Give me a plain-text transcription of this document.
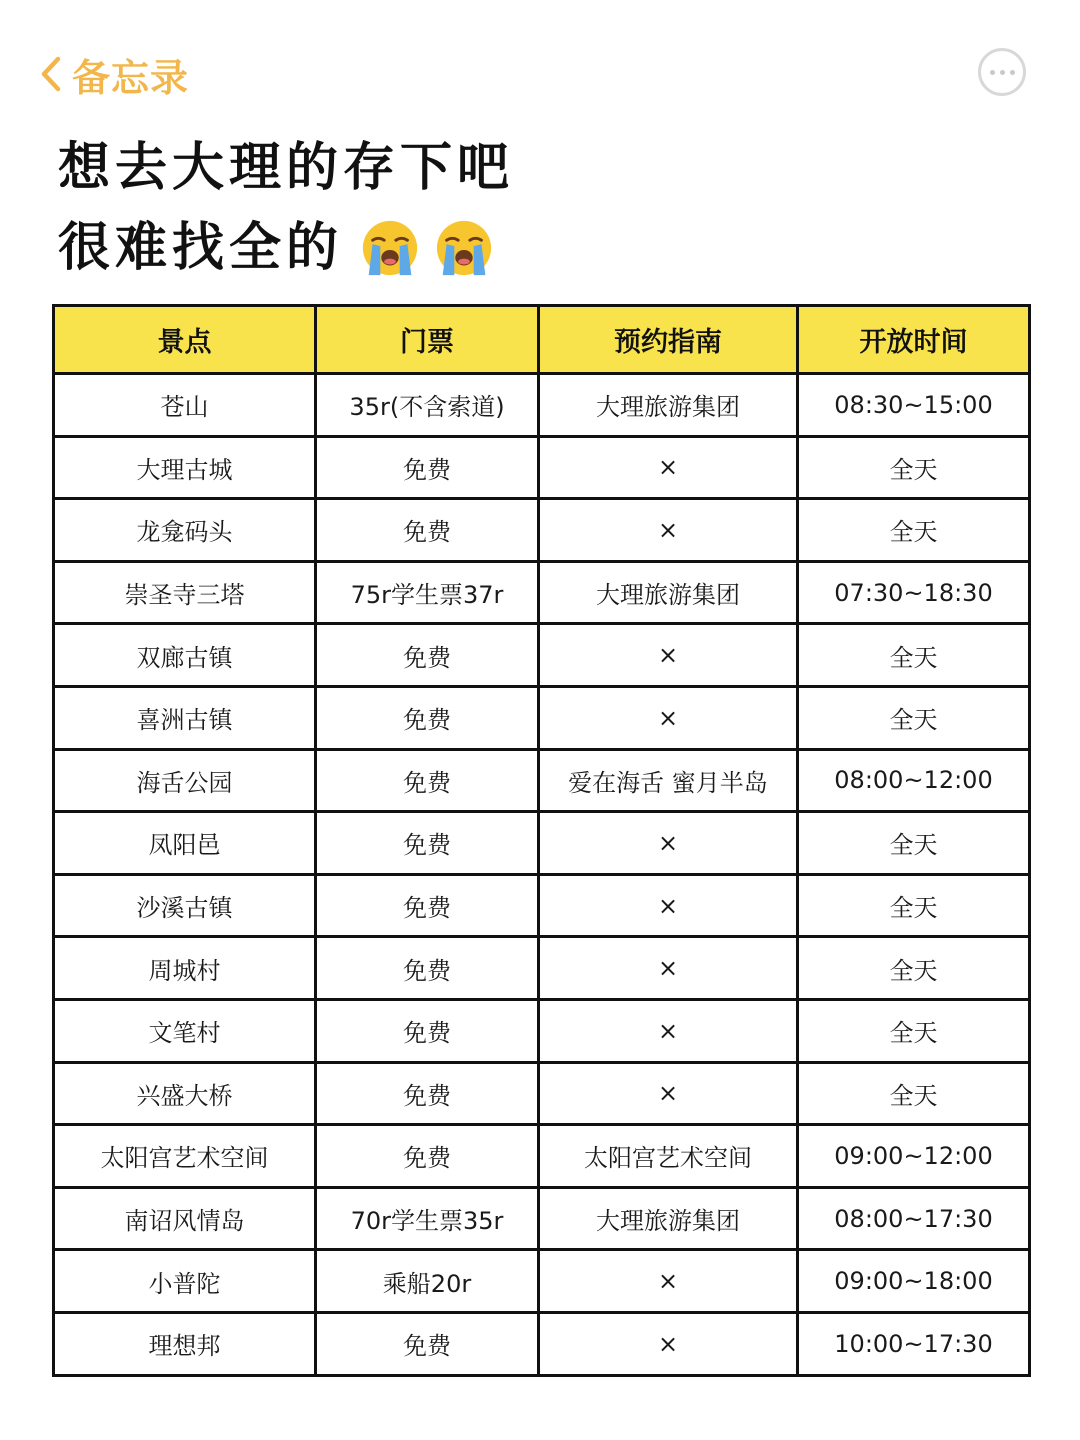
备忘录
想去大理的存下吧
很难找全的
景点	门票	预约指南	开放时间
苍山	35r(不含索道)	大理旅游集团	08:30~15:00
大理古城	免费	×	全天
龙龛码头	免费	×	全天
崇圣寺三塔	75r学生票37r	大理旅游集团	07:30~18:30
双廊古镇	免费	×	全天
喜洲古镇	免费	×	全天
海舌公园	免费	爱在海舌 蜜月半岛	08:00~12:00
凤阳邑	免费	×	全天
沙溪古镇	免费	×	全天
周城村	免费	×	全天
文笔村	免费	×	全天
兴盛大桥	免费	×	全天
太阳宫艺术空间	免费	太阳宫艺术空间	09:00~12:00
南诏风情岛	70r学生票35r	大理旅游集团	08:00~17:30
小普陀	乘船20r	×	09:00~18:00
理想邦	免费	×	10:00~17:30
